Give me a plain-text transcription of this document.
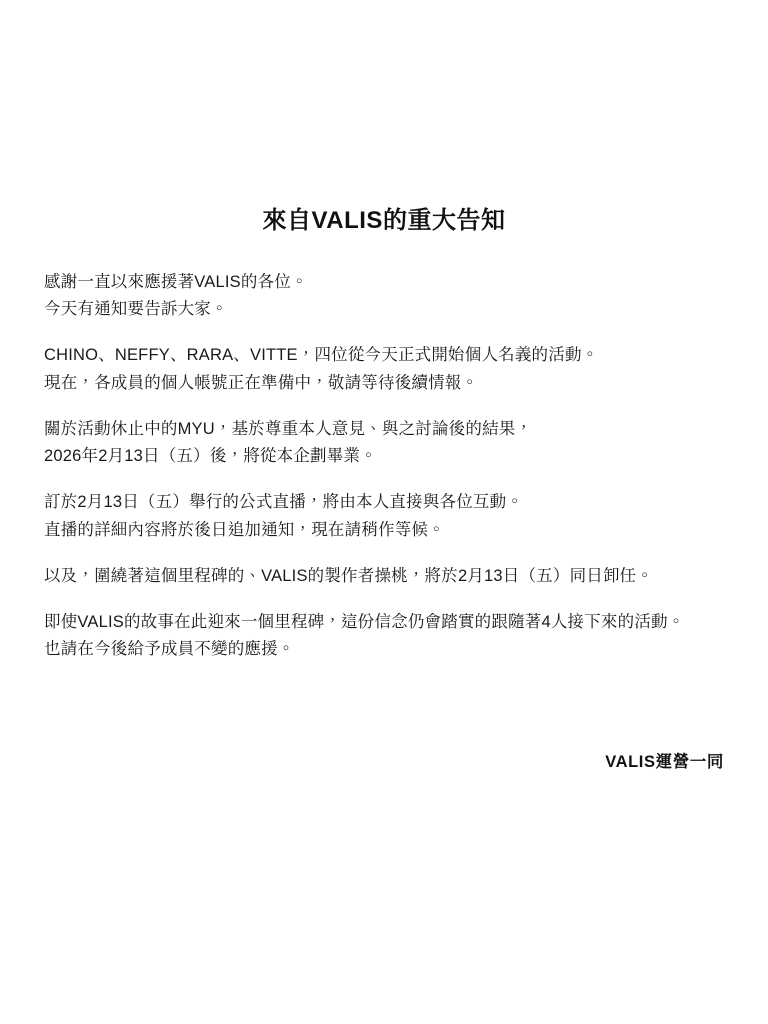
來自VALIS的重大告知

感謝一直以來應援著VALIS的各位。
今天有通知要告訴大家。

CHINO、NEFFY、RARA、VITTE，四位從今天正式開始個人名義的活動。
現在，各成員的個人帳號正在準備中，敬請等待後續情報。

關於活動休止中的MYU，基於尊重本人意見、與之討論後的結果，
2026年2月13日（五）後，將從本企劃畢業。

訂於2月13日（五）舉行的公式直播，將由本人直接與各位互動。
直播的詳細內容將於後日追加通知，現在請稍作等候。

以及，圍繞著這個里程碑的、VALIS的製作者操桃，將於2月13日（五）同日卸任。

即使VALIS的故事在此迎來一個里程碑，這份信念仍會踏實的跟隨著4人接下來的活動。
也請在今後給予成員不變的應援。

VALIS運營一同
